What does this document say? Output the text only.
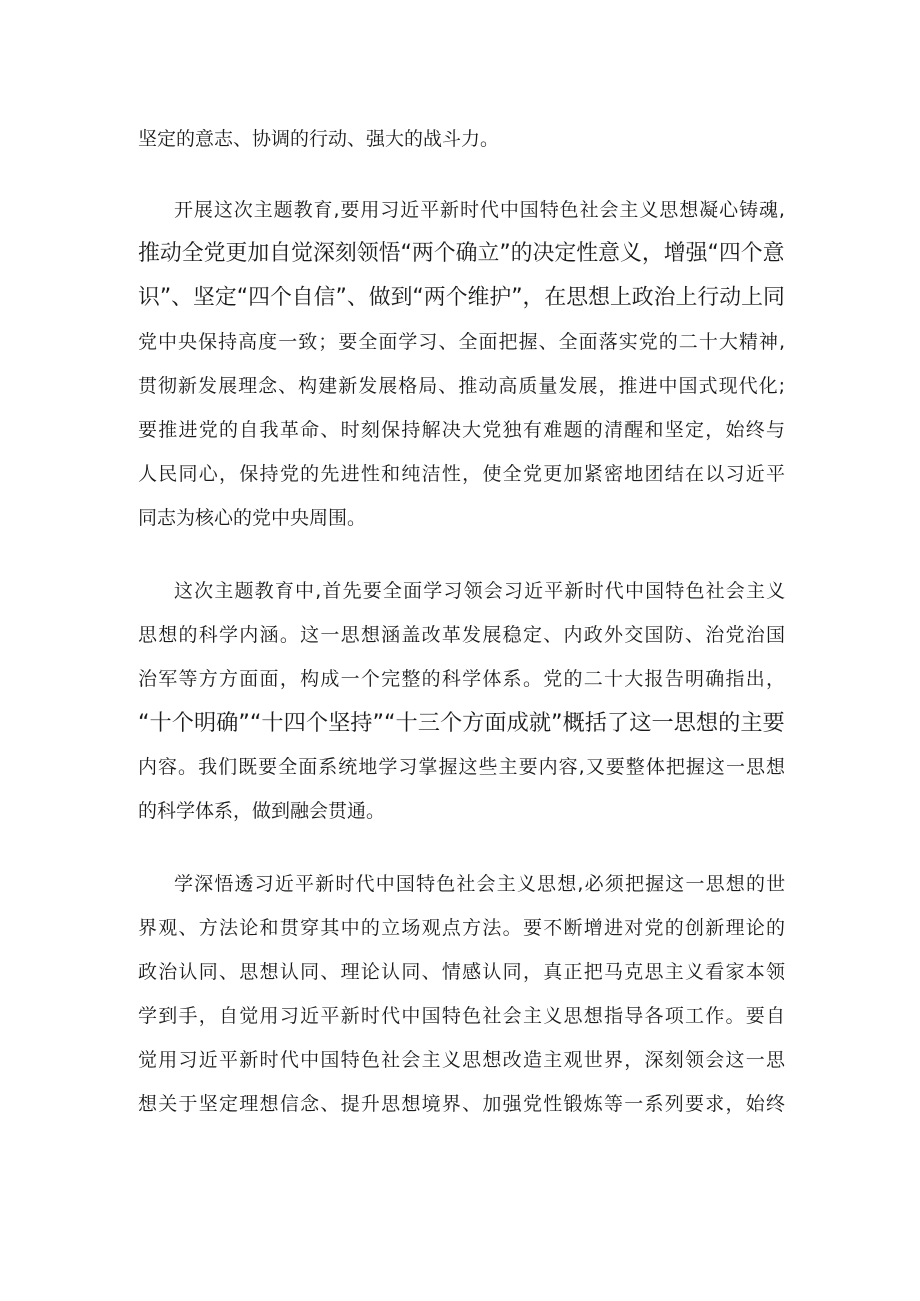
坚定的意志、协调的行动、强大的战斗力。
开展这次主题教育,要用习近平新时代中国特色社会主义思想凝心铸魂,
推动全党更加自觉深刻领悟“两个确立”的决定性意义，增强“四个意
识”、坚定“四个自信”、做到“两个维护”，在思想上政治上行动上同
党中央保持高度一致；要全面学习、全面把握、全面落实党的二十大精神,
贯彻新发展理念、构建新发展格局、推动高质量发展，推进中国式现代化;
要推进党的自我革命、时刻保持解决大党独有难题的清醒和坚定，始终与
人民同心，保持党的先进性和纯洁性，使全党更加紧密地团结在以习近平
同志为核心的党中央周围。
这次主题教育中,首先要全面学习领会习近平新时代中国特色社会主义
思想的科学内涵。这一思想涵盖改革发展稳定、内政外交国防、治党治国
治军等方方面面，构成一个完整的科学体系。党的二十大报告明确指出，
“十个明确”“十四个坚持”“十三个方面成就”概括了这一思想的主要
内容。我们既要全面系统地学习掌握这些主要内容,又要整体把握这一思想
的科学体系，做到融会贯通。
学深悟透习近平新时代中国特色社会主义思想,必须把握这一思想的世
界观、方法论和贯穿其中的立场观点方法。要不断增进对党的创新理论的
政治认同、思想认同、理论认同、情感认同，真正把马克思主义看家本领
学到手，自觉用习近平新时代中国特色社会主义思想指导各项工作。要自
觉用习近平新时代中国特色社会主义思想改造主观世界，深刻领会这一思
想关于坚定理想信念、提升思想境界、加强党性锻炼等一系列要求，始终
